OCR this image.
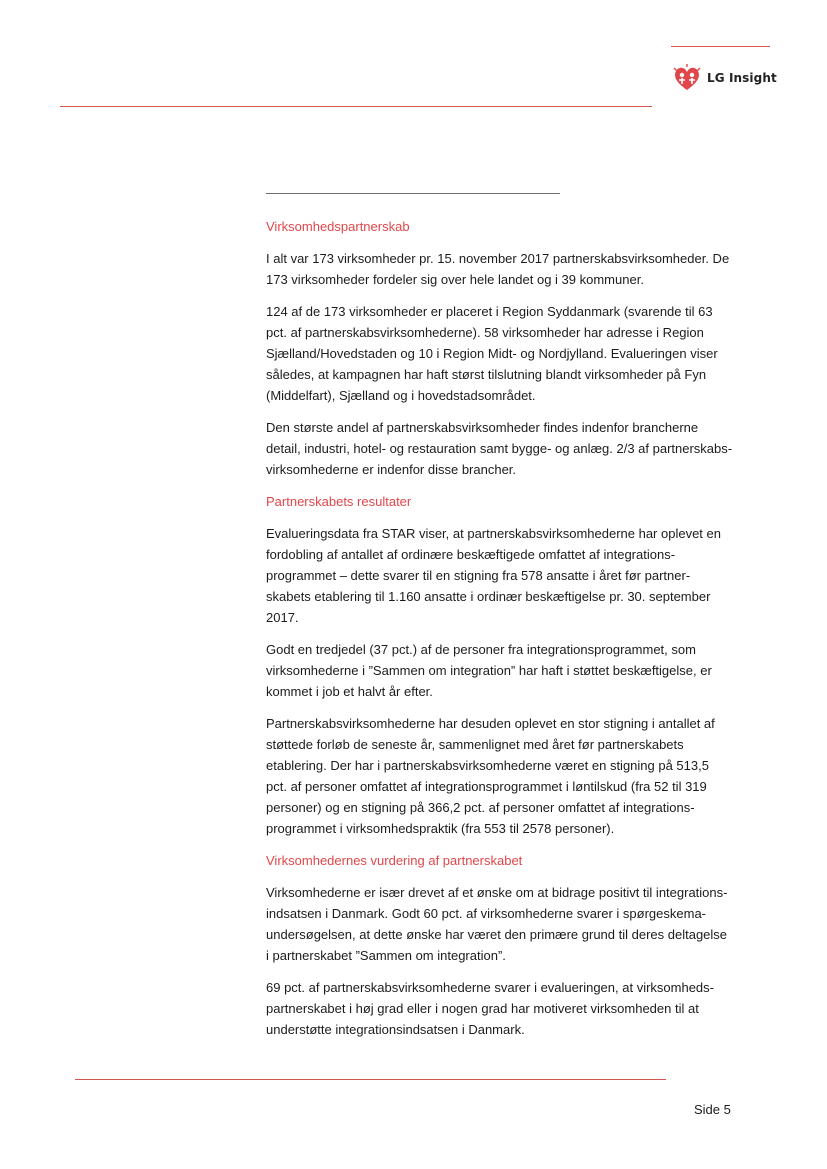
LG Insight
Virksomhedspartnerskab
I alt var 173 virksomheder pr. 15. november 2017 partnerskabsvirksomheder. De
173 virksomheder fordeler sig over hele landet og i 39 kommuner.
124 af de 173 virksomheder er placeret i Region Syddanmark (svarende til 63
pct. af partnerskabsvirksomhederne). 58 virksomheder har adresse i Region
Sjælland/Hovedstaden og 10 i Region Midt- og Nordjylland. Evalueringen viser
således, at kampagnen har haft størst tilslutning blandt virksomheder på Fyn
(Middelfart), Sjælland og i hovedstadsområdet.
Den største andel af partnerskabsvirksomheder findes indenfor brancherne
detail, industri, hotel- og restauration samt bygge- og anlæg. 2/3 af partnerskabs-
virksomhederne er indenfor disse brancher.
Partnerskabets resultater
Evalueringsdata fra STAR viser, at partnerskabsvirksomhederne har oplevet en
fordobling af antallet af ordinære beskæftigede omfattet af integrations-
programmet – dette svarer til en stigning fra 578 ansatte i året før partner-
skabets etablering til 1.160 ansatte i ordinær beskæftigelse pr. 30. september
2017.
Godt en tredjedel (37 pct.) af de personer fra integrationsprogrammet, som
virksomhederne i ”Sammen om integration” har haft i støttet beskæftigelse, er
kommet i job et halvt år efter.
Partnerskabsvirksomhederne har desuden oplevet en stor stigning i antallet af
støttede forløb de seneste år, sammenlignet med året før partnerskabets
etablering. Der har i partnerskabsvirksomhederne været en stigning på 513,5
pct. af personer omfattet af integrationsprogrammet i løntilskud (fra 52 til 319
personer) og en stigning på 366,2 pct. af personer omfattet af integrations-
programmet i virksomhedspraktik (fra 553 til 2578 personer).
Virksomhedernes vurdering af partnerskabet
Virksomhederne er især drevet af et ønske om at bidrage positivt til integrations-
indsatsen i Danmark. Godt 60 pct. af virksomhederne svarer i spørgeskema-
undersøgelsen, at dette ønske har været den primære grund til deres deltagelse
i partnerskabet ”Sammen om integration”.
69 pct. af partnerskabsvirksomhederne svarer i evalueringen, at virksomheds-
partnerskabet i høj grad eller i nogen grad har motiveret virksomheden til at
understøtte integrationsindsatsen i Danmark.
Side 5
